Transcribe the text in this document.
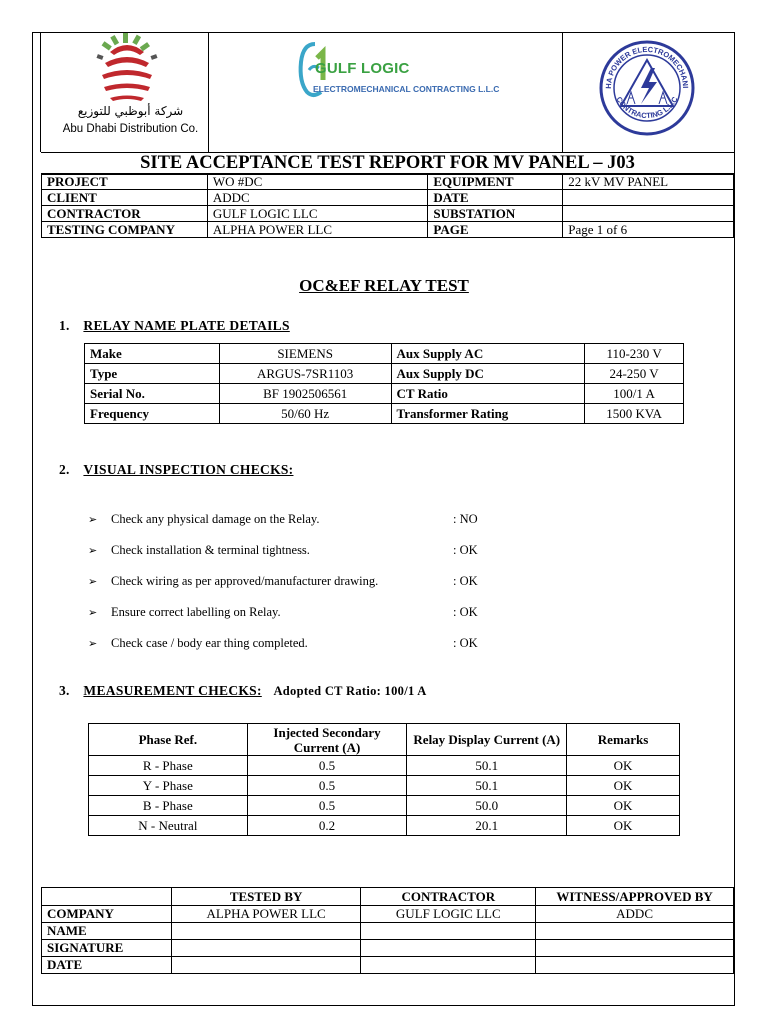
شركة أبوظبي للتوزيع
Abu Dhabi Distribution Co.
GULF LOGIC
ELECTROMECHANICAL CONTRACTING L.L.C	HA POWER ELECTROMECHANI
CONTRACTING L.L.C
SITE ACCEPTANCE TEST REPORT FOR MV PANEL – J03
PROJECT	WO #DC	EQUIPMENT	22 kV MV PANEL
CLIENT	ADDC	DATE	
CONTRACTOR	GULF LOGIC LLC	SUBSTATION	
TESTING COMPANY	ALPHA POWER LLC	PAGE	Page 1 of 6
OC&EF RELAY TEST
1. RELAY NAME PLATE DETAILS
Make	SIEMENS	Aux Supply AC	110-230 V
Type	ARGUS-7SR1103	Aux Supply DC	24-250 V
Serial No.	BF 1902506561	CT Ratio	100/1 A
Frequency	50/60 Hz	Transformer Rating	1500 KVA
2. VISUAL INSPECTION CHECKS:
➢ Check any physical damage on the Relay.	: NO
➢ Check installation & terminal tightness.	: OK
➢ Check wiring as per approved/manufacturer drawing.	: OK
➢ Ensure correct labelling on Relay.	: OK
➢ Check case / body ear thing completed.	: OK
3. MEASUREMENT CHECKS: Adopted CT Ratio: 100/1 A
Phase Ref.	Injected Secondary Current (A)	Relay Display Current (A)	Remarks
R - Phase	0.5	50.1	OK
Y - Phase	0.5	50.1	OK
B - Phase	0.5	50.0	OK
N - Neutral	0.2	20.1	OK
	TESTED BY	CONTRACTOR	WITNESS/APPROVED BY
COMPANY	ALPHA POWER LLC	GULF LOGIC LLC	ADDC
NAME			
SIGNATURE			
DATE			
